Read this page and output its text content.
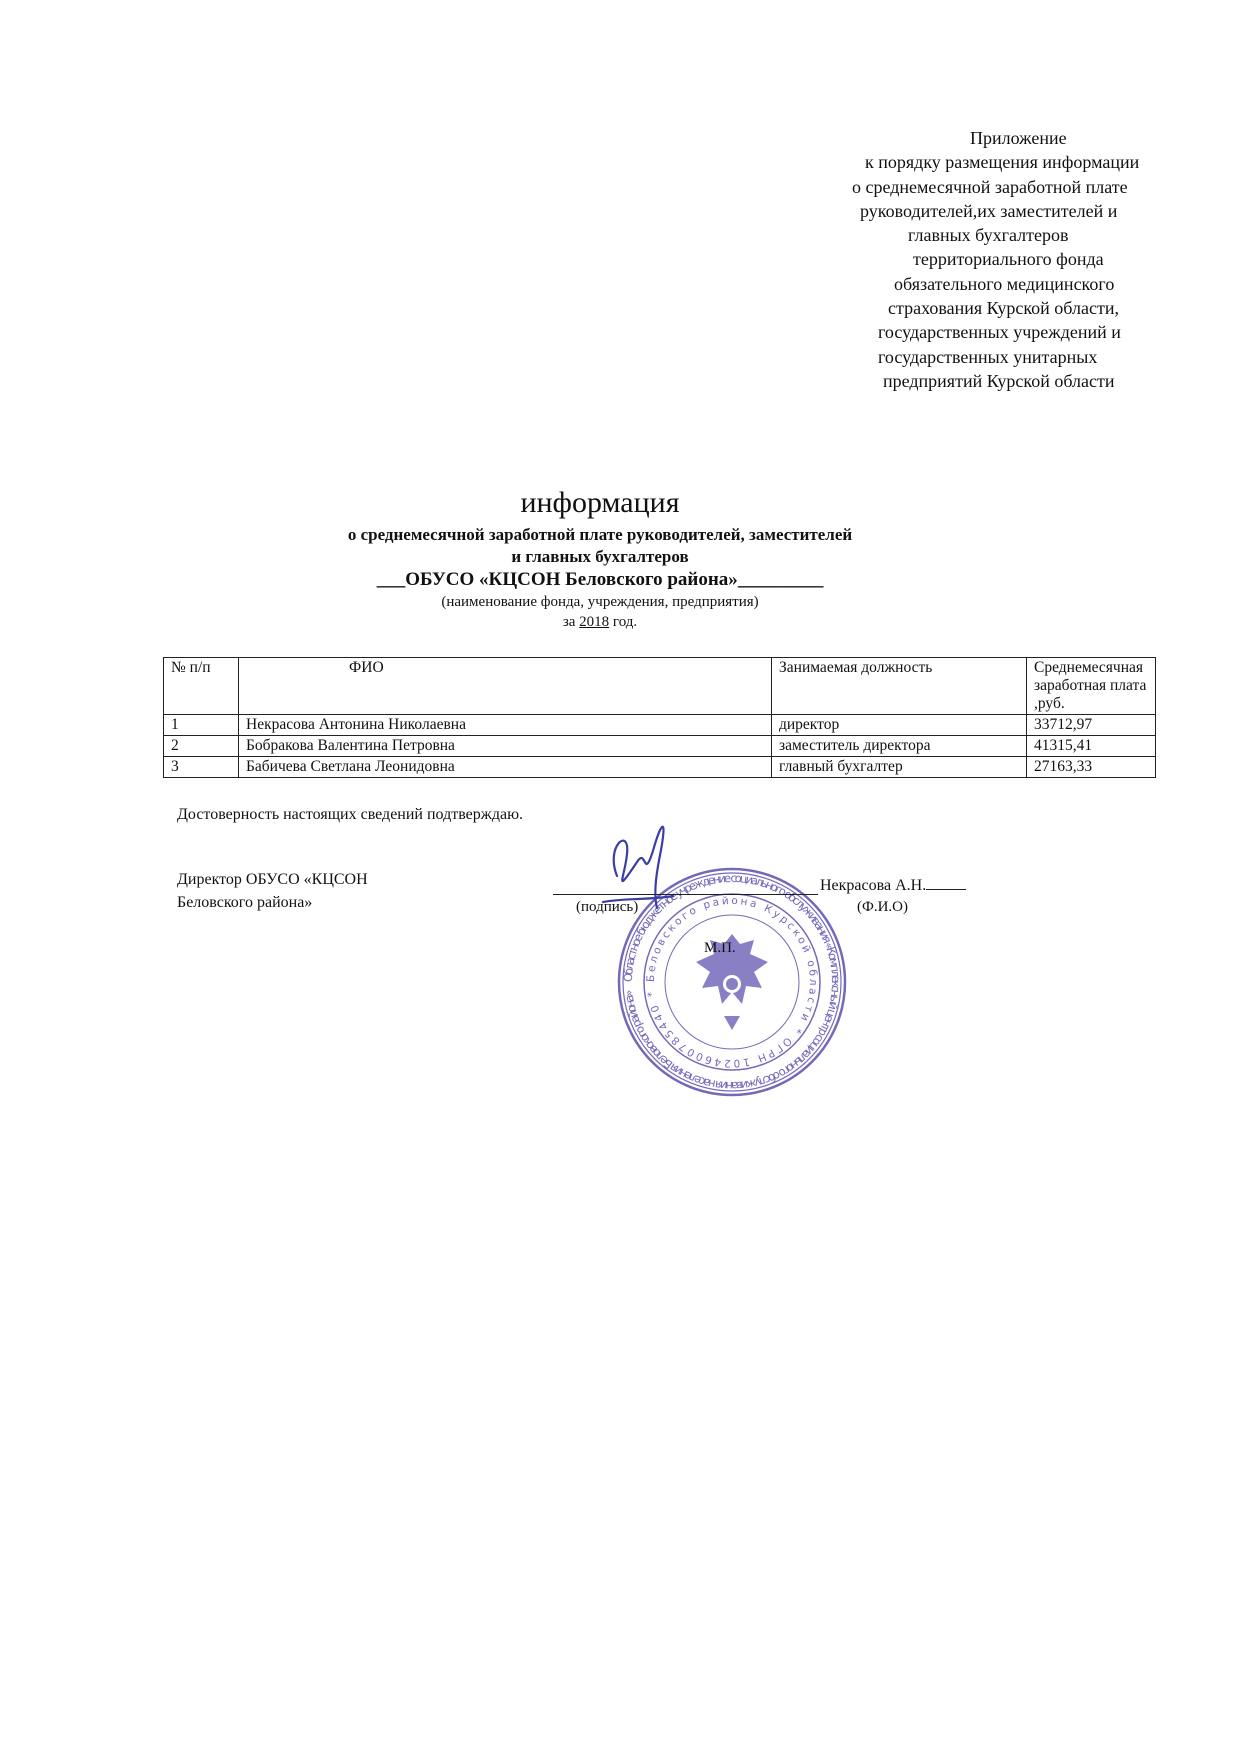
Приложение
к порядку размещения информации
о среднемесячной заработной плате
руководителей,их заместителей и
главных бухгалтеров
территориального фонда
обязательного медицинского
страхования Курской области,
государственных учреждений и
государственных унитарных
предприятий Курской области
информация
о среднемесячной заработной плате руководителей, заместителей
и главных бухгалтеров
___ОБУСО «КЦСОН Беловского района»_________
(наименование фонда, учреждения, предприятия)
за 2018 год.
№ п/п	ФИО	Занимаемая должность	Среднемесячная заработная плата ,руб.
1	Некрасова Антонина Николаевна	директор	33712,97
2	Бобракова Валентина Петровна	заместитель директора	41315,41
3	Бабичева Светлана Леонидовна	главный бухгалтер	27163,33
Достоверность настоящих сведений подтверждаю.
Директор ОБУСО «КЦСОН
Беловского района»
Областное бюджетное учреждение социального обслуживания «Комплексный центр социального обслуживания населения Беловского района»
Беловского района Курской области * ОГРН 1024600785440 *
Некрасова А.Н.
(подпись)	(Ф.И.О)
М.П.
